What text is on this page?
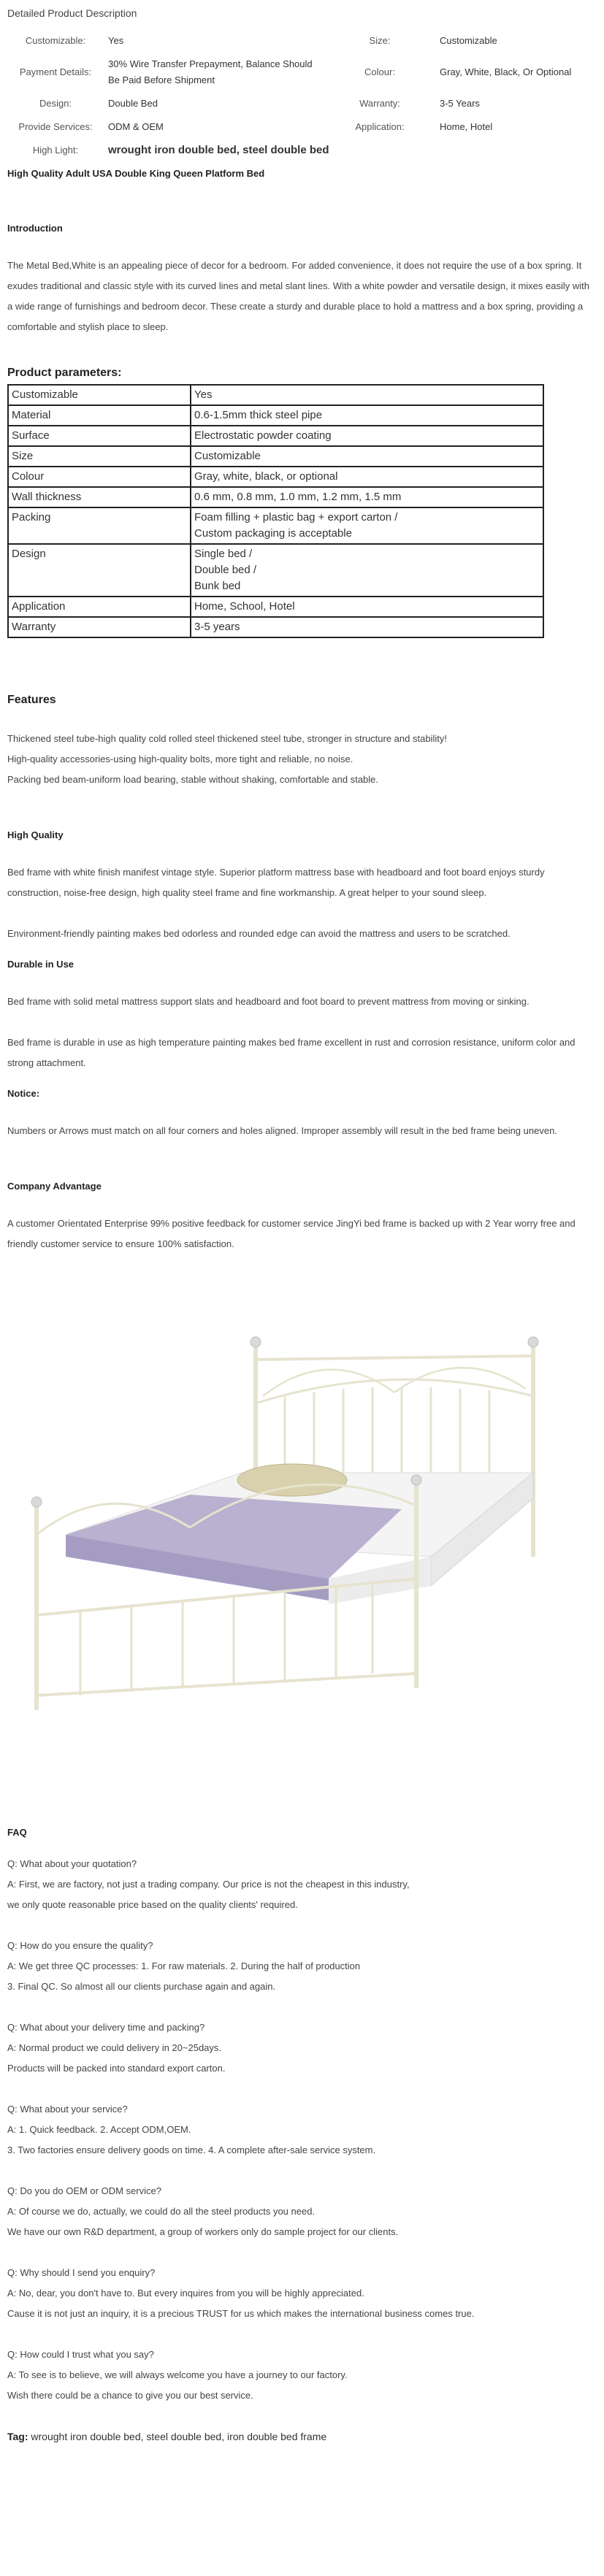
Detailed Product Description
Customizable:	Yes	Size:	Customizable
Payment Details:	30% Wire Transfer Prepayment, Balance Should Be Paid Before Shipment	Colour:	Gray, White, Black, Or Optional
Design:	Double Bed	Warranty:	3-5 Years
Provide Services:	ODM & OEM	Application:	Home, Hotel
High Light:	wrought iron double bed, steel double bed		
High Quality Adult USA Double King Queen Platform Bed
Introduction

The Metal Bed,White is an appealing piece of decor for a bedroom. For added convenience, it does not require the use of a box spring. It exudes traditional and classic style with its curved lines and metal slant lines. With a white powder and versatile design, it mixes easily with a wide range of furnishings and bedroom decor. These create a sturdy and durable place to hold a mattress and a box spring, providing a comfortable and stylish place to sleep.

Product parameters:
Customizable	Yes

Material	0.6-1.5mm thick steel pipe

Surface	Electrostatic powder coating

Size	Customizable

Colour	Gray, white, black, or optional

Wall thickness	0.6 mm, 0.8 mm, 1.0 mm, 1.2 mm, 1.5 mm

Packing	Foam filling + plastic bag + export carton /
Custom packaging is acceptable

Design	Single bed /
Double bed /
Bunk bed

Application	Home, School, Hotel

Warranty	3-5 years
Features

Thickened steel tube-high quality cold rolled steel thickened steel tube, stronger in structure and stability!

High-quality accessories-using high-quality bolts, more tight and reliable, no noise.

Packing bed beam-uniform load bearing, stable without shaking, comfortable and stable.

High Quality

Bed frame with white finish manifest vintage style. Superior platform mattress base with headboard and foot board enjoys sturdy construction, noise-free design, high quality steel frame and fine workmanship. A great helper to your sound sleep.

Environment-friendly painting makes bed odorless and rounded edge can avoid the mattress and users to be scratched.

Durable in Use

Bed frame with solid metal mattress support slats and headboard and foot board to prevent mattress from moving or sinking.

Bed frame is durable in use as high temperature painting makes bed frame excellent in rust and corrosion resistance, uniform color and strong attachment.

Notice:

Numbers or Arrows must match on all four corners and holes aligned. Improper assembly will result in the bed frame being uneven.

Company Advantage

A customer Orientated Enterprise 99% positive feedback for customer service JingYi bed frame is backed up with 2 Year worry free and friendly customer service to ensure 100% satisfaction.

FAQ

Q: What about your quotation?

A: First, we are factory, not just a trading company. Our price is not the cheapest in this industry,

we only quote reasonable price based on the quality clients' required.

Q: How do you ensure the quality?

A: We get three QC processes: 1. For raw materials. 2. During the half of production

3. Final QC. So almost all our clients purchase again and again.

Q: What about your delivery time and packing?

A: Normal product we could delivery in 20~25days.

Products will be packed into standard export carton.

Q: What about your service?

A: 1. Quick feedback. 2. Accept ODM,OEM.

3. Two factories ensure delivery goods on time. 4. A complete after-sale service system.

Q: Do you do OEM or ODM service?

A: Of course we do, actually, we could do all the steel products you need.

We have our own R&D department, a group of workers only do sample project for our clients.

Q: Why should I send you enquiry?

A: No, dear, you don't have to. But every inquires from you will be highly appreciated.

Cause it is not just an inquiry, it is a precious TRUST for us which makes the international business comes true.

Q: How could I trust what you say?

A: To see is to believe, we will always welcome you have a journey to our factory.

Wish there could be a chance to give you our best service.

Tag: wrought iron double bed, steel double bed, iron double bed frame
